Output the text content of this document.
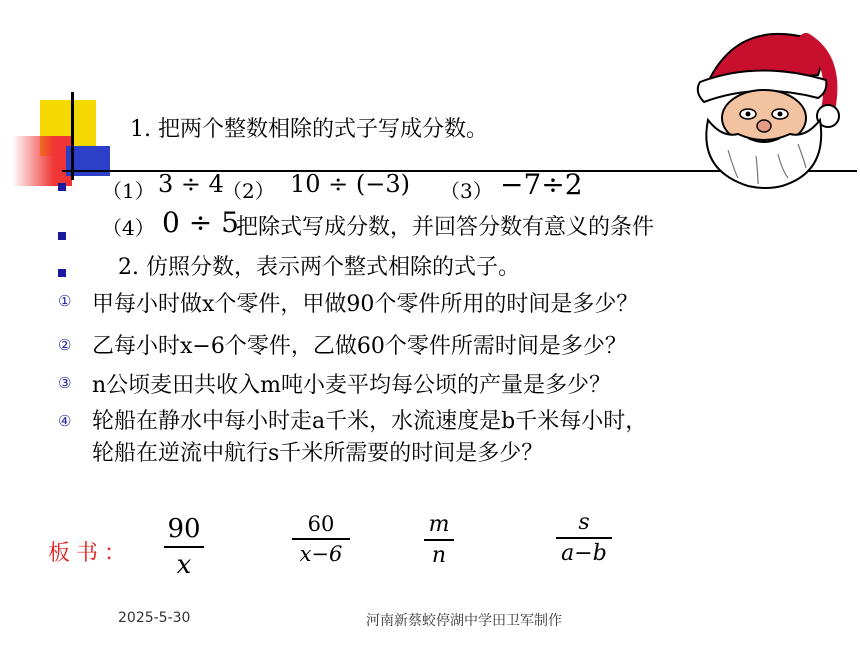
1. 把两个整数相除的式子写成分数。
（1） 3 ÷ 4
（2） 10 ÷ (−3) （3） −7÷2
（4） 0 ÷ 5
把除式写成分数，并回答分数有意义的条件
2. 仿照分数，表示两个整式相除的式子。
① 甲每小时做x个零件，甲做90个零件所用的时间是多少？
② 乙每小时x−6个零件，乙做60个零件所需时间是多少？
③ n公顷麦田共收入m吨小麦平均每公顷的产量是多少？
④ 轮船在静水中每小时走a千米，水流速度是b千米每小时，
轮船在逆流中航行s千米所需要的时间是多少？
板书：
90
x
60
x−6
m
n
s
a−b
2025-5-30	河南新蔡蛟停湖中学田卫军制作
